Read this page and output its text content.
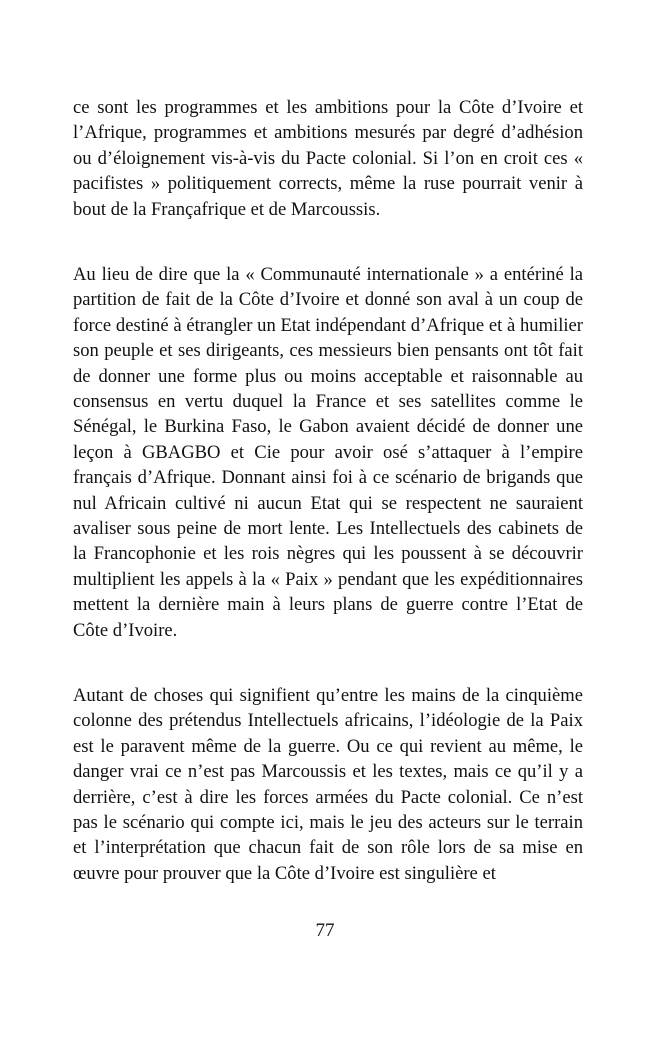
ce sont les programmes et les ambitions pour la Côte d’Ivoire et l’Afrique, programmes et ambitions mesurés par degré d’adhésion ou d’éloignement vis-à-vis du Pacte colonial. Si l’on en croit ces « pacifistes » politiquement corrects, même la ruse pourrait venir à bout de la Françafrique et de Marcoussis.

Au lieu de dire que la « Communauté internationale » a entériné la partition de fait de la Côte d’Ivoire et donné son aval à un coup de force destiné à étrangler un Etat indépendant d’Afrique et à humilier son peuple et ses dirigeants, ces messieurs bien pensants ont tôt fait de donner une forme plus ou moins acceptable et raisonnable au consensus en vertu duquel la France et ses satellites comme le Sénégal, le Burkina Faso, le Gabon avaient décidé de donner une leçon à GBAGBO et Cie pour avoir osé s’attaquer à l’empire français d’Afrique. Donnant ainsi foi à ce scénario de brigands que nul Africain cultivé ni aucun Etat qui se respectent ne sauraient avaliser sous peine de mort lente. Les Intellectuels des cabinets de la Francophonie et les rois nègres qui les poussent à se découvrir multiplient les appels à la « Paix » pendant que les expéditionnaires mettent la dernière main à leurs plans de guerre contre l’Etat de Côte d’Ivoire.

Autant de choses qui signifient qu’entre les mains de la cinquième colonne des prétendus Intellectuels africains, l’idéologie de la Paix est le paravent même de la guerre. Ou ce qui revient au même, le danger vrai ce n’est pas Marcoussis et les textes, mais ce qu’il y a derrière, c’est à dire les forces armées du Pacte colonial. Ce n’est pas le scénario qui compte ici, mais le jeu des acteurs sur le terrain et l’interprétation que chacun fait de son rôle lors de sa mise en œuvre pour prouver que la Côte d’Ivoire est singulière et

77
